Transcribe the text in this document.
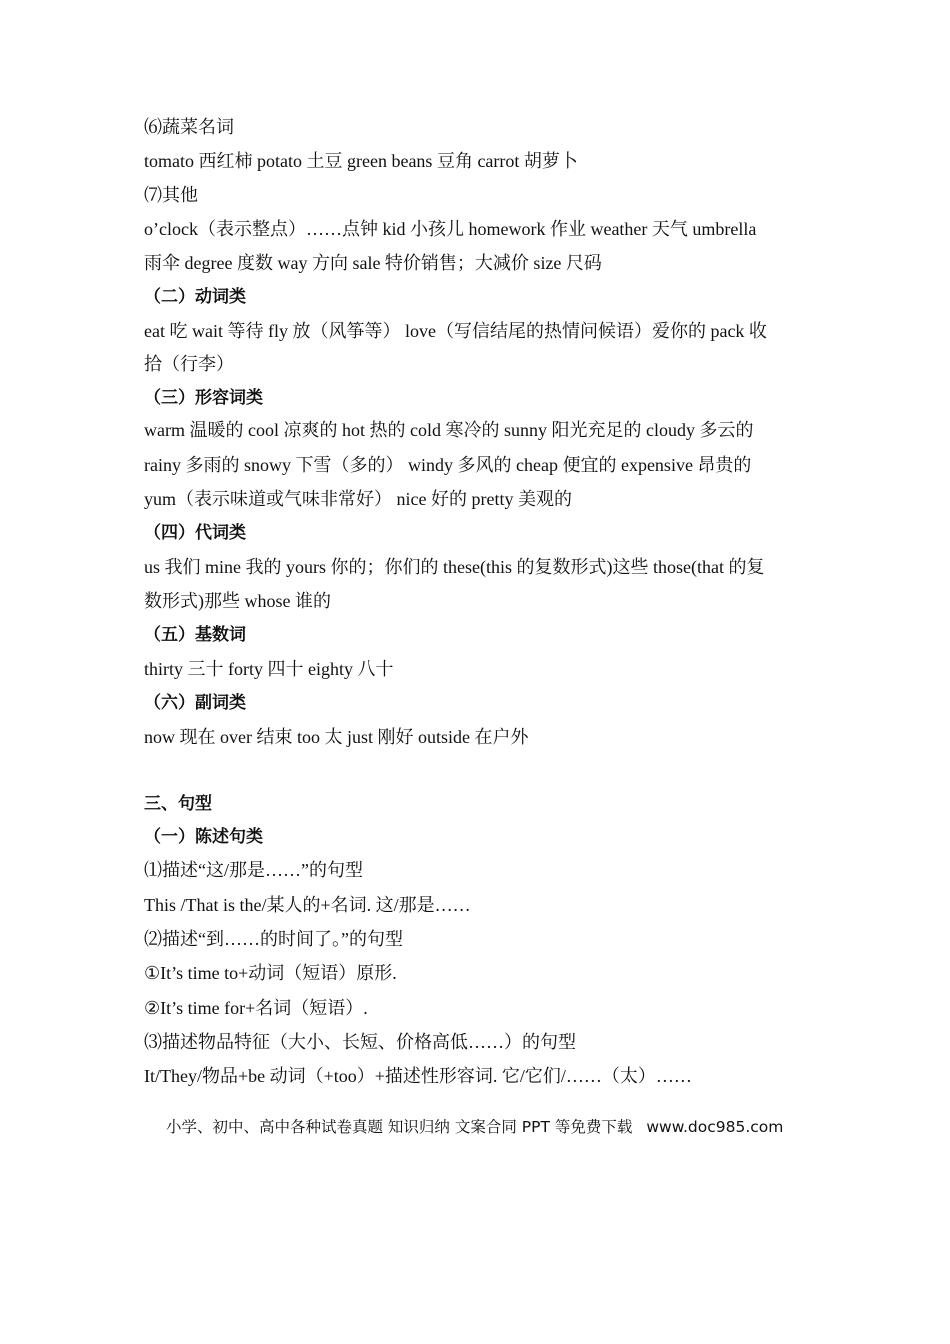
⑹蔬菜名词
tomato 西红柿 potato 土豆 green beans 豆角 carrot 胡萝卜
⑺其他
o’clock（表示整点）……点钟 kid 小孩儿 homework 作业 weather 天气 umbrella
雨伞 degree 度数 way 方向 sale 特价销售；大减价 size 尺码
（二）动词类
eat 吃 wait 等待 fly 放（风筝等） love（写信结尾的热情问候语）爱你的 pack 收
拾（行李）
（三）形容词类
warm 温暖的 cool 凉爽的 hot 热的 cold 寒冷的 sunny 阳光充足的 cloudy 多云的
rainy 多雨的 snowy 下雪（多的） windy 多风的 cheap 便宜的 expensive 昂贵的
yum（表示味道或气味非常好） nice 好的 pretty 美观的
（四）代词类
us 我们 mine 我的 yours 你的；你们的 these(this 的复数形式)这些 those(that 的复
数形式)那些 whose 谁的
（五）基数词
thirty 三十 forty 四十 eighty 八十
（六）副词类
now 现在 over 结束 too 太 just 刚好 outside 在户外
三、句型
（一）陈述句类
⑴描述“这/那是……”的句型
This /That is the/某人的+名词. 这/那是……
⑵描述“到……的时间了。”的句型
①It’s time to+动词（短语）原形.
②It’s time for+名词（短语）.
⑶描述物品特征（大小、长短、价格高低……）的句型
It/They/物品+be 动词（+too）+描述性形容词. 它/它们/……（太）……
小学、初中、高中各种试卷真题 知识归纳 文案合同 PPT 等免费下载 www.doc985.com
